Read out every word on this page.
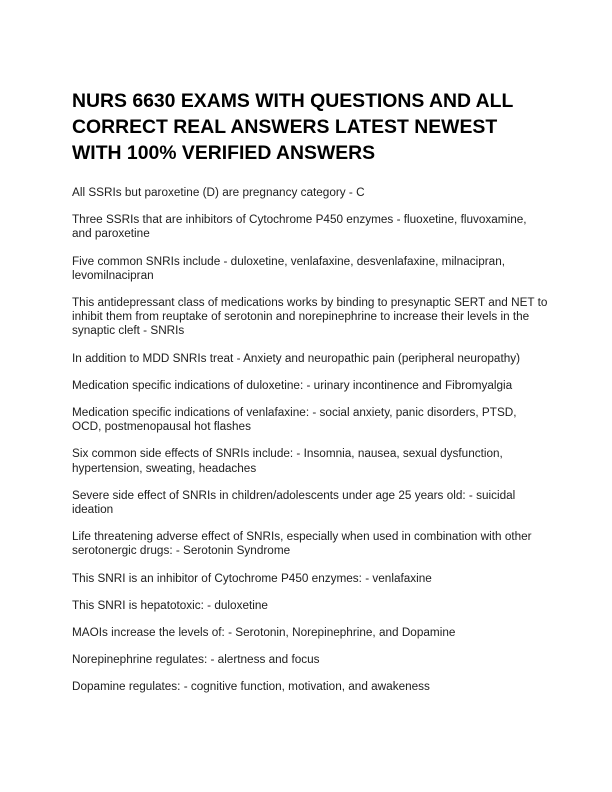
NURS 6630 EXAMS WITH QUESTIONS AND ALL
CORRECT REAL ANSWERS LATEST NEWEST
WITH 100% VERIFIED ANSWERS
All SSRIs but paroxetine (D) are pregnancy category - C
Three SSRIs that are inhibitors of Cytochrome P450 enzymes - fluoxetine, fluvoxamine, and paroxetine
Five common SNRIs include - duloxetine, venlafaxine, desvenlafaxine, milnacipran, levomilnacipran
This antidepressant class of medications works by binding to presynaptic SERT and NET to inhibit them from reuptake of serotonin and norepinephrine to increase their levels in the synaptic cleft - SNRIs
In addition to MDD SNRIs treat - Anxiety and neuropathic pain (peripheral neuropathy)
Medication specific indications of duloxetine: - urinary incontinence and Fibromyalgia
Medication specific indications of venlafaxine: - social anxiety, panic disorders, PTSD, OCD, postmenopausal hot flashes
Six common side effects of SNRIs include: - Insomnia, nausea, sexual dysfunction, hypertension, sweating, headaches
Severe side effect of SNRIs in children/adolescents under age 25 years old: - suicidal ideation
Life threatening adverse effect of SNRIs, especially when used in combination with other serotonergic drugs: - Serotonin Syndrome
This SNRI is an inhibitor of Cytochrome P450 enzymes: - venlafaxine
This SNRI is hepatotoxic: - duloxetine
MAOIs increase the levels of: - Serotonin, Norepinephrine, and Dopamine
Norepinephrine regulates: - alertness and focus
Dopamine regulates: - cognitive function, motivation, and awakeness
